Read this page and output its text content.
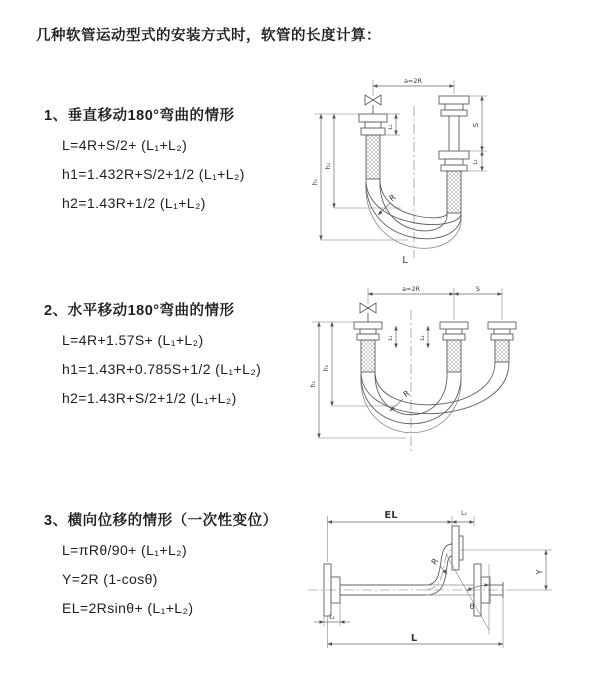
几种软管运动型式的安装方式时，软管的长度计算：
1、垂直移动180°弯曲的情形
L=4R+S/2+ (L₁+L₂)
h1=1.432R+S/2+1/2 (L₁+L₂)
h2=1.43R+1/2 (L₁+L₂)
a=2R
L₁	S
L₂
h₂
h₁
R
L
2、水平移动180°弯曲的情形
L=4R+1.57S+ (L₁+L₂)
h1=1.43R+0.785S+1/2 (L₁+L₂)
h2=1.43R+S/2+1/2 (L₁+L₂)
a=2R	S
L₁	L₂
h₂
h₁
R
3、横向位移的情形（一次性变位）
L=πRθ/90+ (L₁+L₂)
Y=2R (1-cosθ)
EL=2Rsinθ+ (L₁+L₂)
EL	L₂
Y
θ
R
L₁
L
